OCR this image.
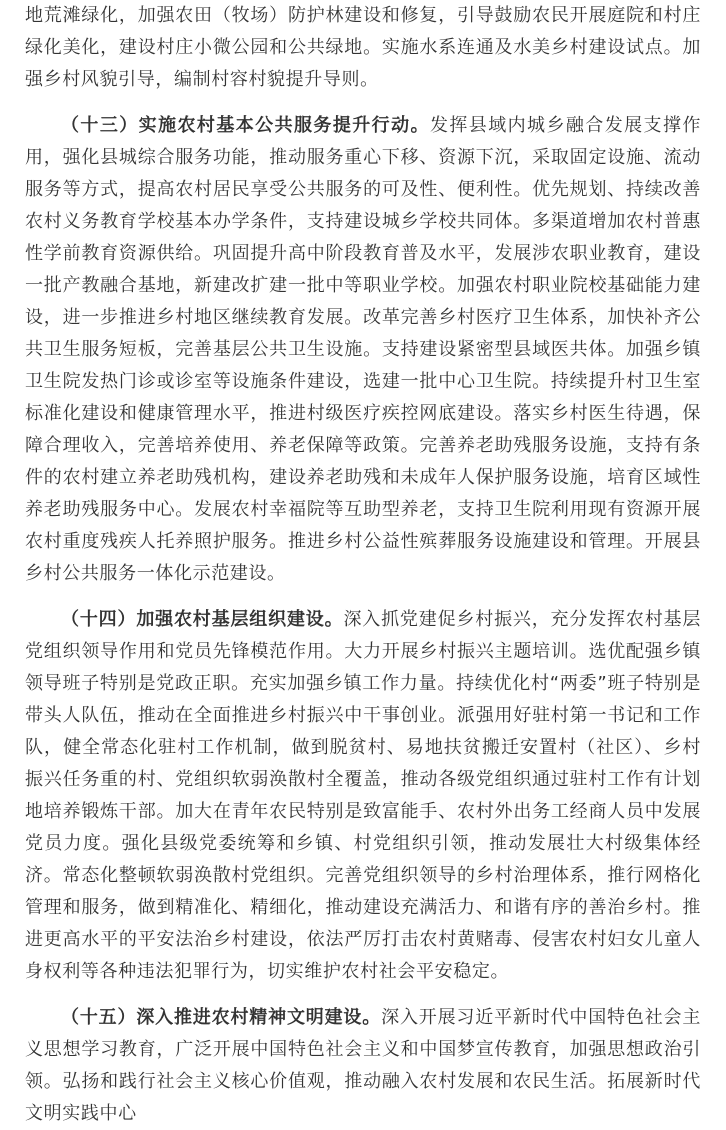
地荒滩绿化，加强农田（牧场）防护林建设和修复，引导鼓励农民开展庭院和村庄绿化美化，建设村庄小微公园和公共绿地。实施水系连通及水美乡村建设试点。加强乡村风貌引导，编制村容村貌提升导则。

（十三）实施农村基本公共服务提升行动。发挥县域内城乡融合发展支撑作用，强化县城综合服务功能，推动服务重心下移、资源下沉，采取固定设施、流动服务等方式，提高农村居民享受公共服务的可及性、便利性。优先规划、持续改善农村义务教育学校基本办学条件，支持建设城乡学校共同体。多渠道增加农村普惠性学前教育资源供给。巩固提升高中阶段教育普及水平，发展涉农职业教育，建设一批产教融合基地，新建改扩建一批中等职业学校。加强农村职业院校基础能力建设，进一步推进乡村地区继续教育发展。改革完善乡村医疗卫生体系，加快补齐公共卫生服务短板，完善基层公共卫生设施。支持建设紧密型县域医共体。加强乡镇卫生院发热门诊或诊室等设施条件建设，选建一批中心卫生院。持续提升村卫生室标准化建设和健康管理水平，推进村级医疗疾控网底建设。落实乡村医生待遇，保障合理收入，完善培养使用、养老保障等政策。完善养老助残服务设施，支持有条件的农村建立养老助残机构，建设养老助残和未成年人保护服务设施，培育区域性养老助残服务中心。发展农村幸福院等互助型养老，支持卫生院利用现有资源开展农村重度残疾人托养照护服务。推进乡村公益性殡葬服务设施建设和管理。开展县乡村公共服务一体化示范建设。

（十四）加强农村基层组织建设。深入抓党建促乡村振兴，充分发挥农村基层党组织领导作用和党员先锋模范作用。大力开展乡村振兴主题培训。选优配强乡镇领导班子特别是党政正职。充实加强乡镇工作力量。持续优化村“两委”班子特别是带头人队伍，推动在全面推进乡村振兴中干事创业。派强用好驻村第一书记和工作队，健全常态化驻村工作机制，做到脱贫村、易地扶贫搬迁安置村（社区）、乡村振兴任务重的村、党组织软弱涣散村全覆盖，推动各级党组织通过驻村工作有计划地培养锻炼干部。加大在青年农民特别是致富能手、农村外出务工经商人员中发展党员力度。强化县级党委统筹和乡镇、村党组织引领，推动发展壮大村级集体经济。常态化整顿软弱涣散村党组织。完善党组织领导的乡村治理体系，推行网格化管理和服务，做到精准化、精细化，推动建设充满活力、和谐有序的善治乡村。推进更高水平的平安法治乡村建设，依法严厉打击农村黄赌毒、侵害农村妇女儿童人身权利等各种违法犯罪行为，切实维护农村社会平安稳定。

（十五）深入推进农村精神文明建设。深入开展习近平新时代中国特色社会主义思想学习教育，广泛开展中国特色社会主义和中国梦宣传教育，加强思想政治引领。弘扬和践行社会主义核心价值观，推动融入农村发展和农民生活。拓展新时代文明实践中心
